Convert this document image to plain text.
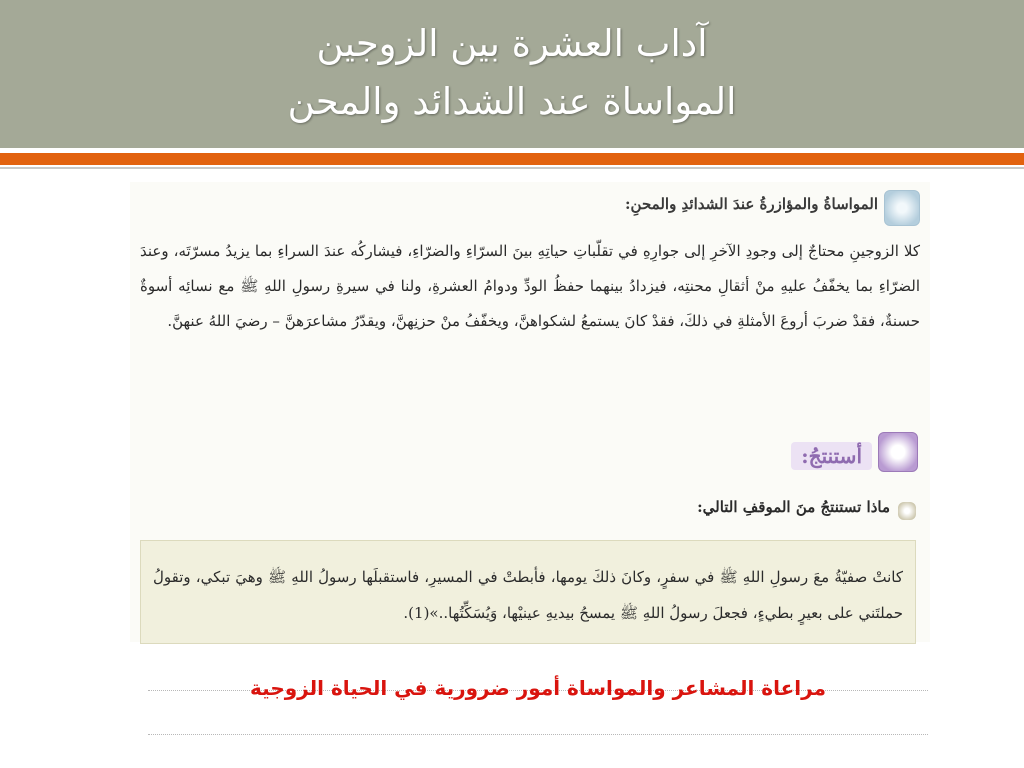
آداب العشرة بين الزوجين
المواساة عند الشدائد والمحن
المواساةُ والمؤازرةُ عندَ الشدائدِ والمحنِ:
كلا الزوجينِ محتاجٌ إلى وجودِ الآخرِ إلى جوارِهِ في تقلّباتِ حياتِهِ بينَ السرّاءِ والضرّاءِ، فيشاركُه عندَ السراءِ بما يزيدُ مسرّتَه، وعندَ الضرّاءِ بما يخفّفُ عليهِ منْ أثقالِ محنتِه، فيزدادُ بينهما حفظُ الودِّ ودوامُ العشرةِ، ولنا في سيرةِ رسولِ اللهِ ﷺ مع نسائِه أسوةٌ حسنةٌ، فقدْ ضربَ أروعَ الأمثلةِ في ذلكَ، فقدْ كانَ يستمعُ لشكواهنَّ، ويخفّفُ منْ حزنِهنَّ، ويقدّرُ مشاعرَهنَّ – رضيَ اللهُ عنهنَّ.
أستنتجُ:
ماذا تستنتجُ منَ الموقفِ التالي:
كانتْ صفيّةُ معَ رسولِ اللهِ ﷺ في سفرٍ، وكانَ ذلكَ يومها، فأبطتْ في المسيرِ، فاستقبلَها رسولُ اللهِ ﷺ وهيَ تبكي، وتقولُ حملتَني على بعيرٍ بطيءٍ، فجعلَ رسولُ اللهِ ﷺ يمسحُ بيديهِ عينيْها، وَيُسَكِّتُها..»(1).
مراعاة المشاعر والمواساة أمور ضرورية في الحياة الزوجية
